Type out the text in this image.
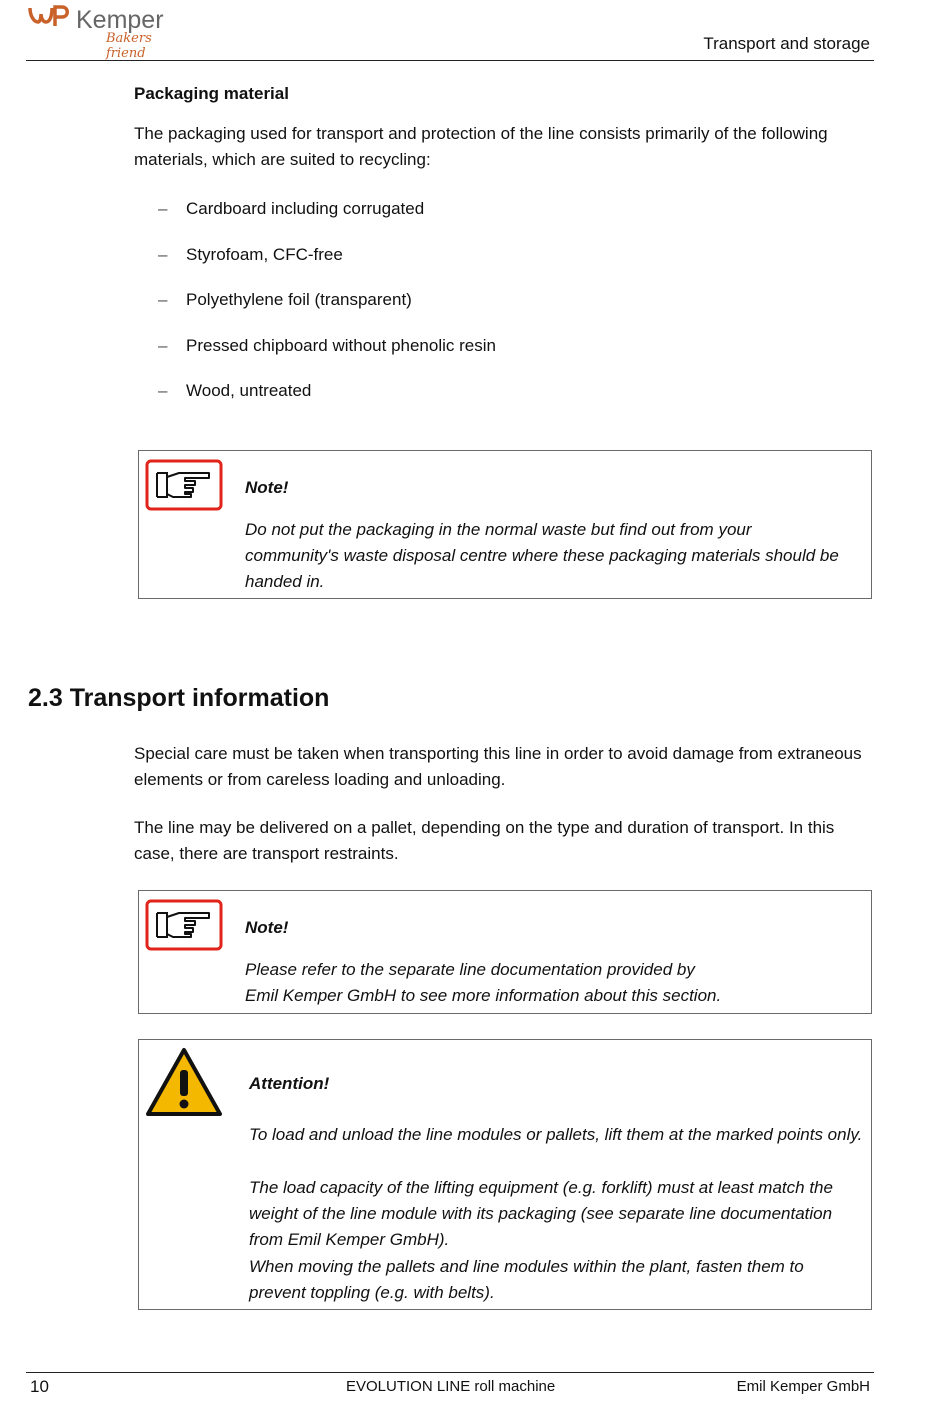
Kemper
Bakers friend
Transport and storage
Packaging material
The packaging used for transport and protection of the line consists primarily of the following materials, which are suited to recycling:
–	Cardboard including corrugated
–	Styrofoam, CFC-free
–	Polyethylene foil (transparent)
–	Pressed chipboard without phenolic resin
–	Wood, untreated
Note!
Do not put the packaging in the normal waste but find out from your community's waste disposal centre where these packaging materials should be handed in.
2.3 Transport information
Special care must be taken when transporting this line in order to avoid damage from extraneous elements or from careless loading and unloading.
The line may be delivered on a pallet, depending on the type and duration of transport. In this case, there are transport restraints.
Note!
Please refer to the separate line documentation provided by
Emil Kemper GmbH to see more information about this section.
Attention!
To load and unload the line modules or pallets, lift them at the marked points only.
The load capacity of the lifting equipment (e.g. forklift) must at least match the weight of the line module with its packaging (see separate line documentation from Emil Kemper GmbH).
When moving the pallets and line modules within the plant, fasten them to prevent toppling (e.g. with belts).
10	EVOLUTION LINE roll machine	Emil Kemper GmbH
